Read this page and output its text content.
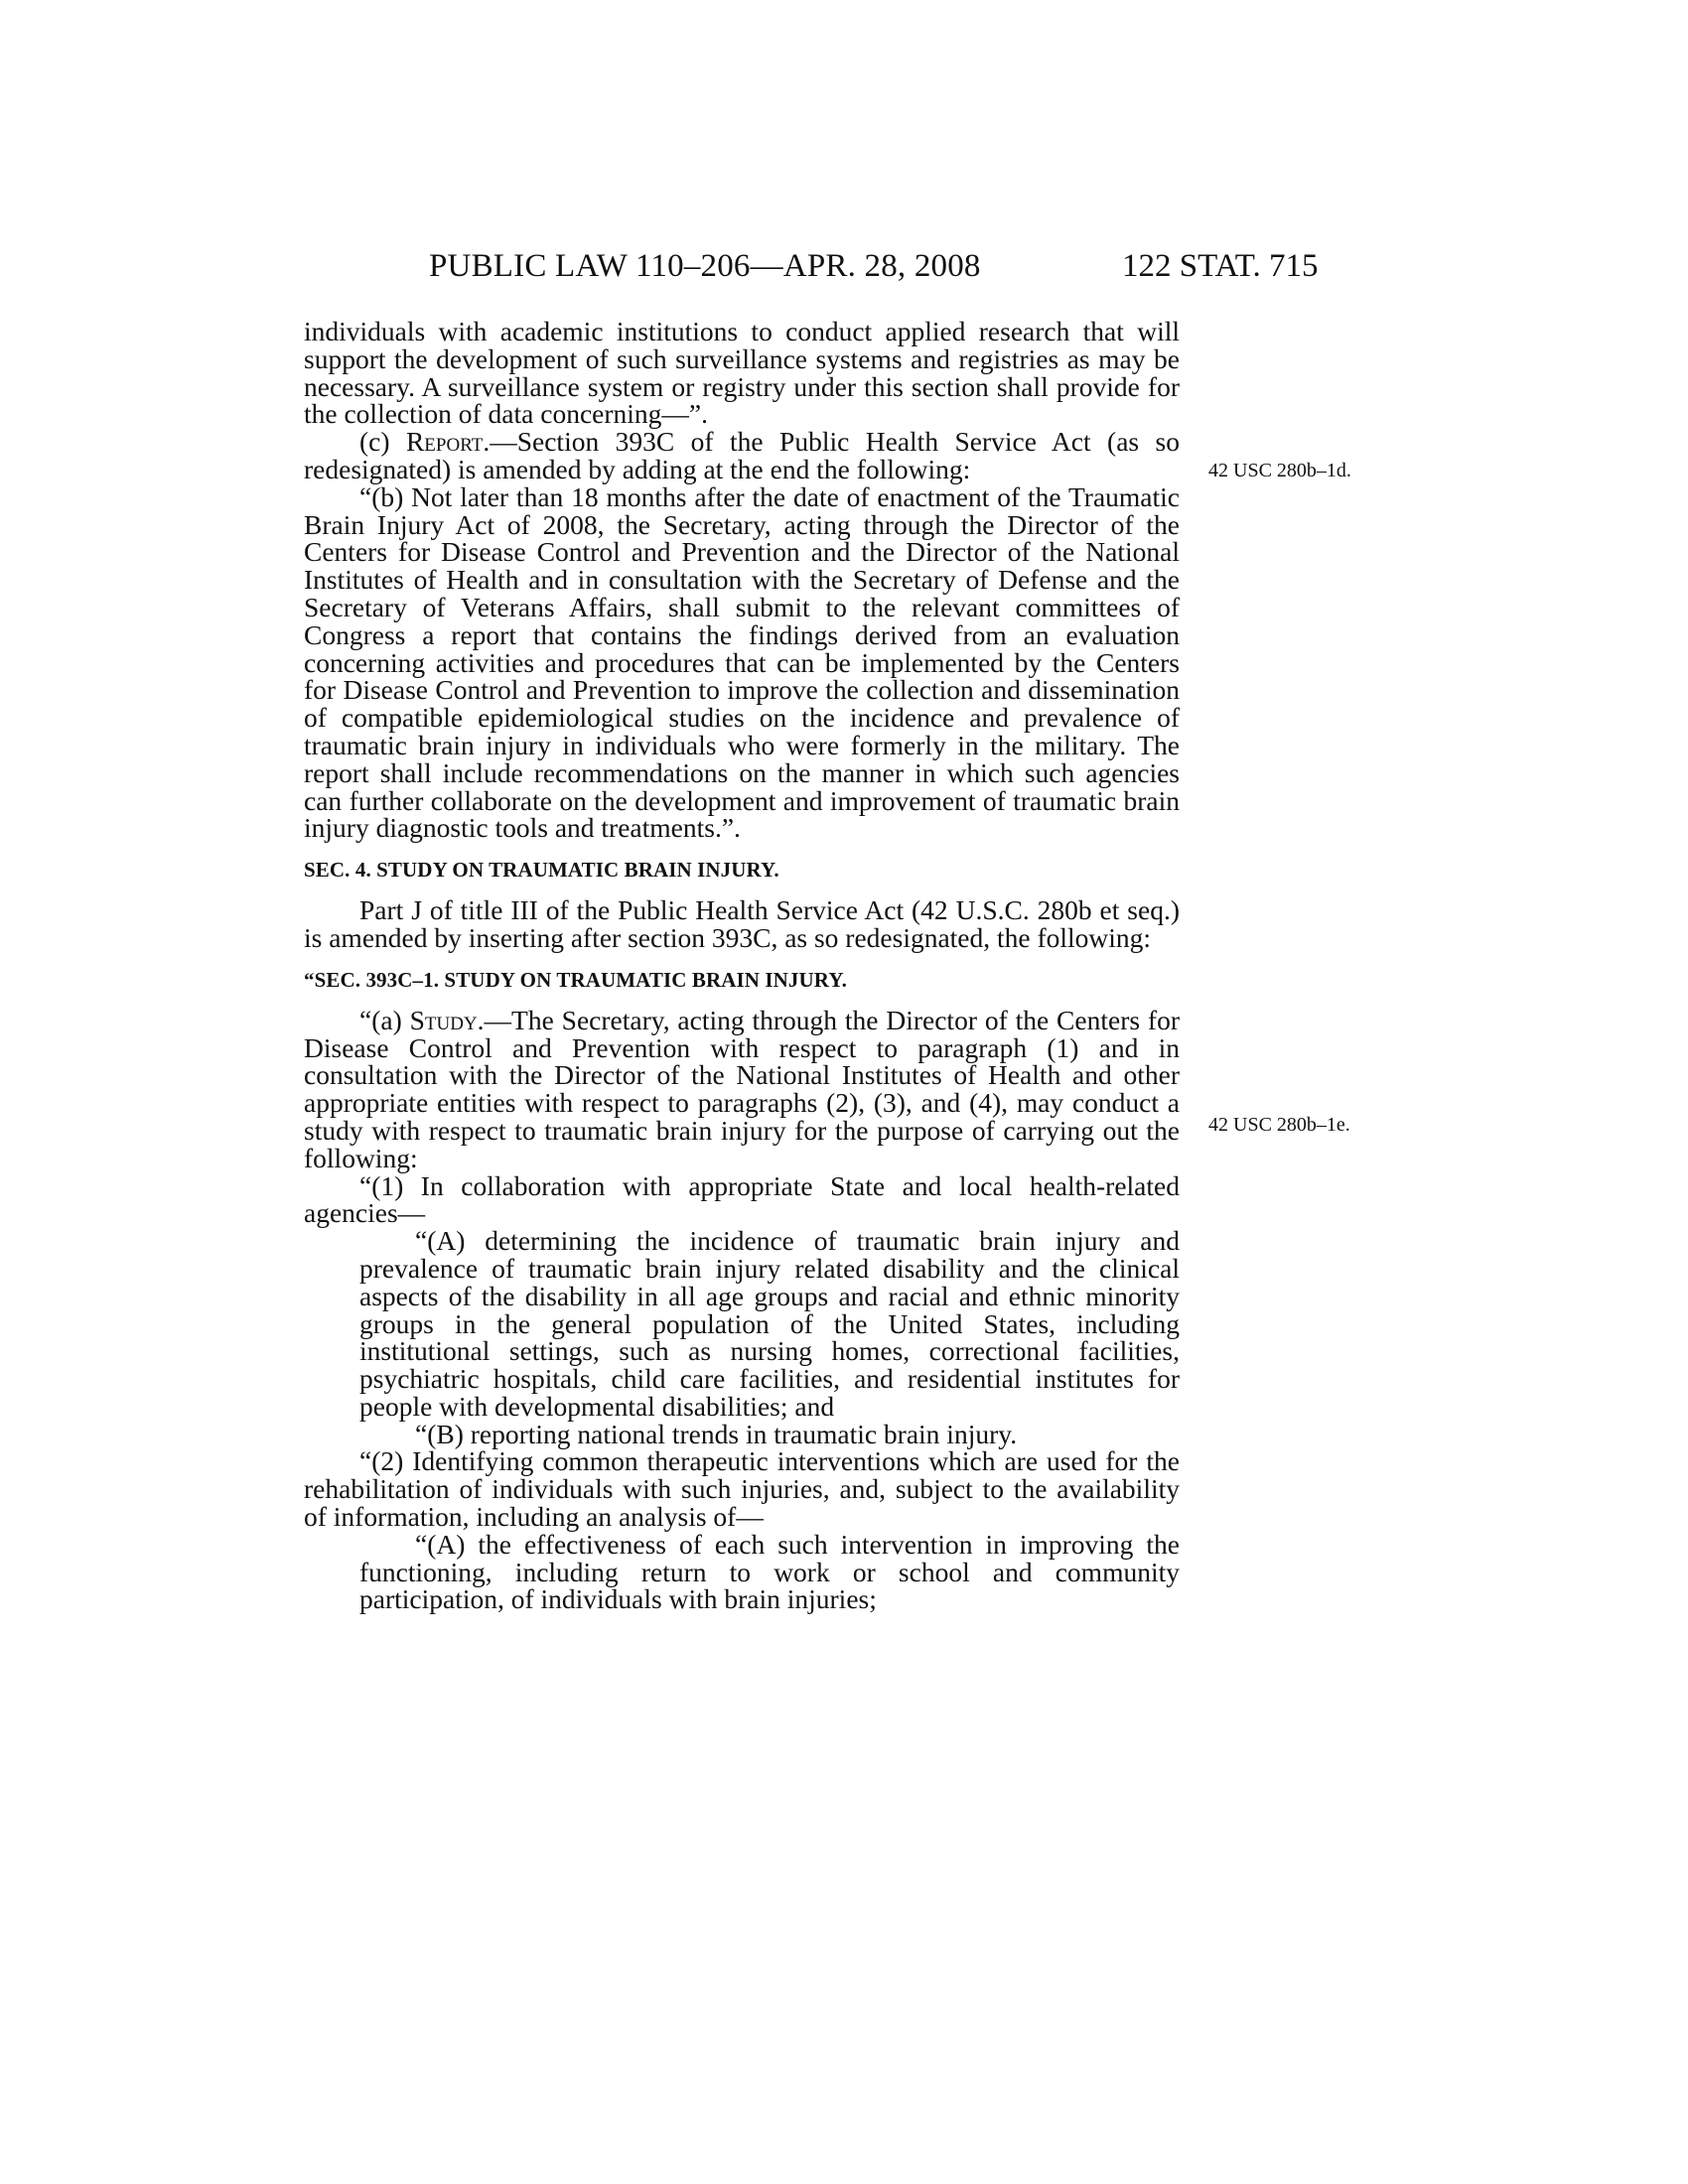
PUBLIC LAW 110–206—APR. 28, 2008	122 STAT. 715
42 USC 280b–1d.
42 USC 280b–1e.

individuals with academic institutions to conduct applied research that will support the development of such surveillance systems and registries as may be necessary. A surveillance system or registry under this section shall provide for the collection of data concerning—”.

(c) Report.—Section 393C of the Public Health Service Act (as so redesignated) is amended by adding at the end the following:

“(b) Not later than 18 months after the date of enactment of the Traumatic Brain Injury Act of 2008, the Secretary, acting through the Director of the Centers for Disease Control and Prevention and the Director of the National Institutes of Health and in consultation with the Secretary of Defense and the Secretary of Veterans Affairs, shall submit to the relevant committees of Congress a report that contains the findings derived from an evaluation concerning activities and procedures that can be implemented by the Centers for Disease Control and Prevention to improve the collection and dissemination of compatible epidemiological studies on the incidence and prevalence of traumatic brain injury in individuals who were formerly in the military. The report shall include recommendations on the manner in which such agencies can further collaborate on the development and improvement of traumatic brain injury diagnostic tools and treatments.”.

SEC. 4. STUDY ON TRAUMATIC BRAIN INJURY.

Part J of title III of the Public Health Service Act (42 U.S.C. 280b et seq.) is amended by inserting after section 393C, as so redesignated, the following:

“SEC. 393C–1. STUDY ON TRAUMATIC BRAIN INJURY.

“(a) Study.—The Secretary, acting through the Director of the Centers for Disease Control and Prevention with respect to paragraph (1) and in consultation with the Director of the National Institutes of Health and other appropriate entities with respect to paragraphs (2), (3), and (4), may conduct a study with respect to traumatic brain injury for the purpose of carrying out the following:

“(1) In collaboration with appropriate State and local health-related agencies—

“(A) determining the incidence of traumatic brain injury and prevalence of traumatic brain injury related disability and the clinical aspects of the disability in all age groups and racial and ethnic minority groups in the general population of the United States, including institutional settings, such as nursing homes, correctional facilities, psychiatric hospitals, child care facilities, and residential institutes for people with developmental disabilities; and

“(B) reporting national trends in traumatic brain injury.

“(2) Identifying common therapeutic interventions which are used for the rehabilitation of individuals with such injuries, and, subject to the availability of information, including an analysis of—

“(A) the effectiveness of each such intervention in improving the functioning, including return to work or school and community participation, of individuals with brain injuries;
